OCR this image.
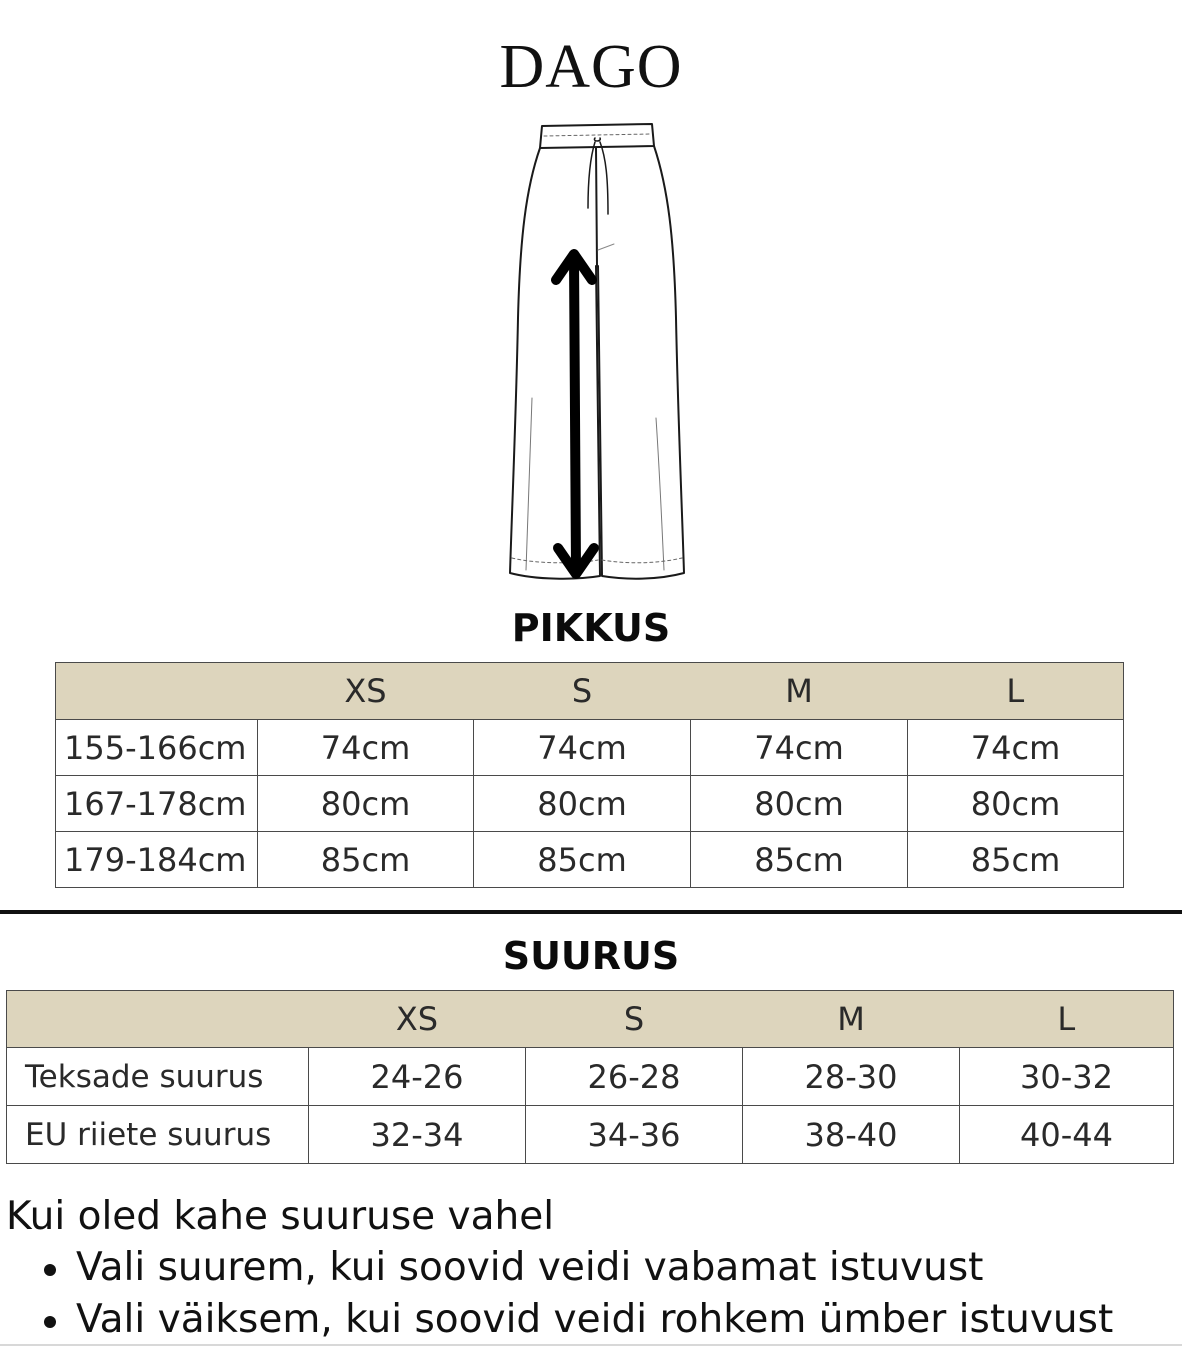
DAGO
PIKKUS
	XS	S	M	L
155-166cm	74cm	74cm	74cm	74cm
167-178cm	80cm	80cm	80cm	80cm
179-184cm	85cm	85cm	85cm	85cm
SUURUS
	XS	S	M	L
Teksade suurus	24-26	26-28	28-30	30-32
EU riiete suurus	32-34	34-36	38-40	40-44

Kui oled kahe suuruse vahel

Vali suurem, kui soovid veidi vabamat istuvust
Vali väiksem, kui soovid veidi rohkem ümber istuvust
